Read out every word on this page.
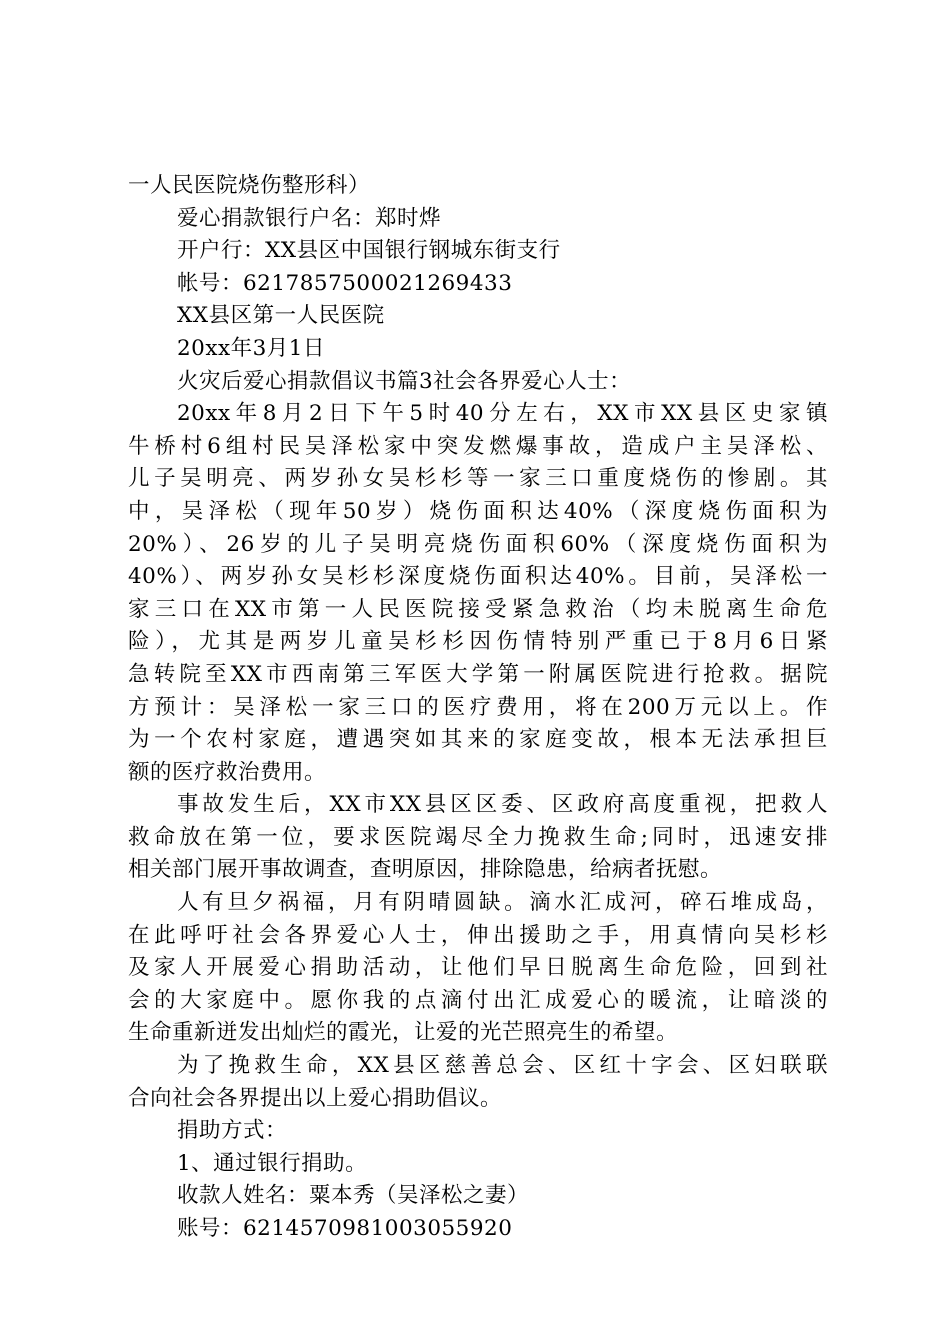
一人民医院烧伤整形科）
爱心捐款银行户名：郑时烨
开户行：XX县区中国银行钢城东街支行
帐号：6217857500021269433
XX县区第一人民医院
20xx年3月1日
火灾后爱心捐款倡议书篇3社会各界爱心人士：
20xx年8月2日下午5时40分左右，XX市XX县区史家镇
牛桥村6组村民吴泽松家中突发燃爆事故，造成户主吴泽松、
儿子吴明亮、两岁孙女吴杉杉等一家三口重度烧伤的惨剧。其
中，吴泽松（现年50岁）烧伤面积达40%（深度烧伤面积为
20%）、26岁的儿子吴明亮烧伤面积60%（深度烧伤面积为
40%）、两岁孙女吴杉杉深度烧伤面积达40%。目前，吴泽松一
家三口在XX市第一人民医院接受紧急救治（均未脱离生命危
险），尤其是两岁儿童吴杉杉因伤情特别严重已于8月6日紧
急转院至XX市西南第三军医大学第一附属医院进行抢救。据院
方预计：吴泽松一家三口的医疗费用，将在200万元以上。作
为一个农村家庭，遭遇突如其来的家庭变故，根本无法承担巨
额的医疗救治费用。
事故发生后，XX市XX县区区委、区政府高度重视，把救人
救命放在第一位，要求医院竭尽全力挽救生命;同时，迅速安排
相关部门展开事故调查，查明原因，排除隐患，给病者抚慰。
人有旦夕祸福，月有阴晴圆缺。滴水汇成河，碎石堆成岛，
在此呼吁社会各界爱心人士，伸出援助之手，用真情向吴杉杉
及家人开展爱心捐助活动，让他们早日脱离生命危险，回到社
会的大家庭中。愿你我的点滴付出汇成爱心的暖流，让暗淡的
生命重新迸发出灿烂的霞光，让爱的光芒照亮生的希望。
为了挽救生命，XX县区慈善总会、区红十字会、区妇联联
合向社会各界提出以上爱心捐助倡议。
捐助方式：
1、通过银行捐助。
收款人姓名：粟本秀（吴泽松之妻）
账号：6214570981003055920
